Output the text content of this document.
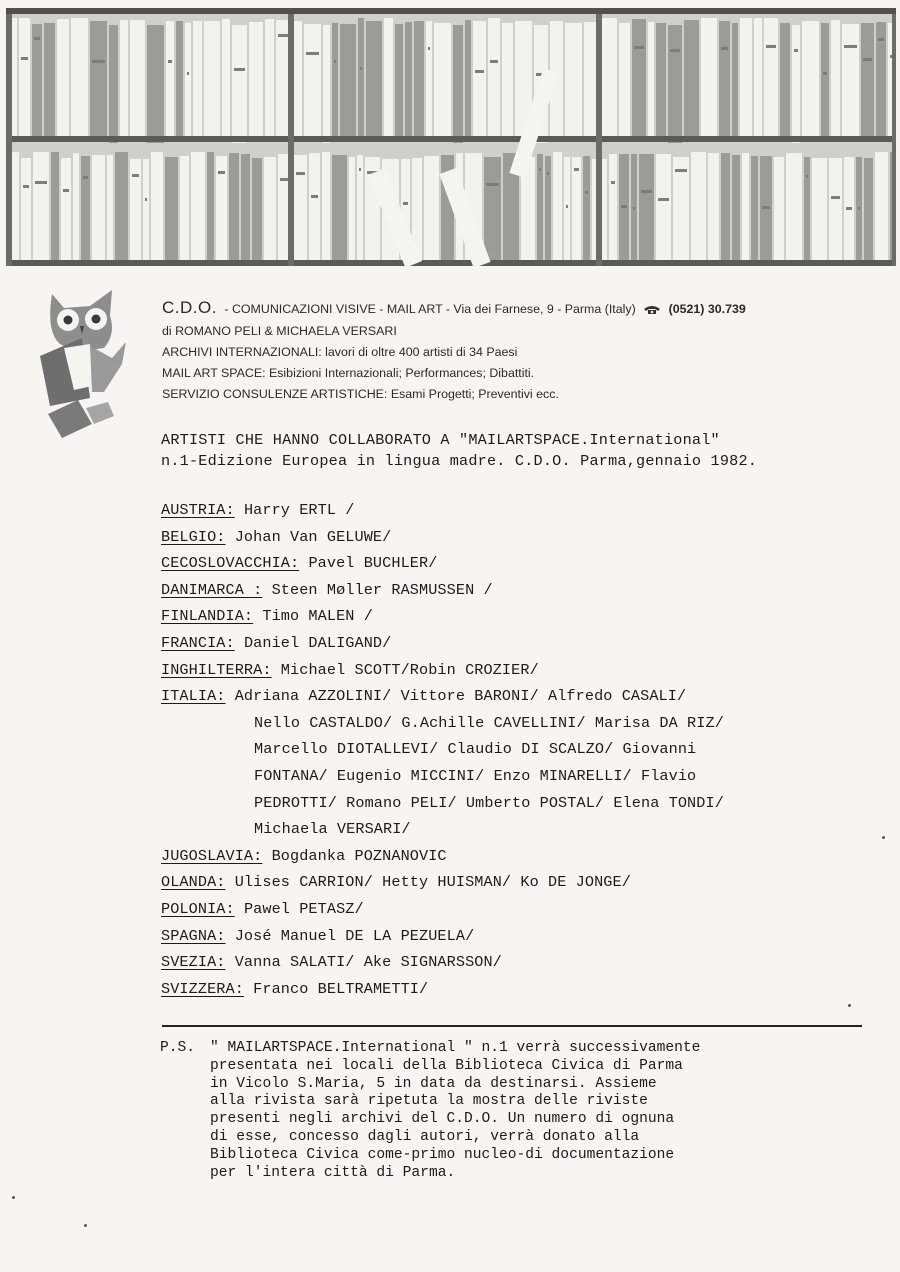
C.D.O. - COMUNICAZIONI VISIVE - MAIL ART - Via dei Farnese, 9 - Parma (Italy)	(0521) 30.739
di ROMANO PELI & MICHAELA VERSARI
ARCHIVI INTERNAZIONALI: lavori di oltre 400 artisti di 34 Paesi
MAIL ART SPACE: Esibizioni Internazionali; Performances; Dibattiti.
SERVIZIO CONSULENZE ARTISTICHE: Esami Progetti; Preventivi ecc.
ARTISTI CHE HANNO COLLABORATO A "MAILARTSPACE.International"
n.1-Edizione Europea in lingua madre. C.D.O. Parma,gennaio 1982.
AUSTRIA: Harry ERTL /
BELGIO: Johan Van GELUWE/
CECOSLOVACCHIA: Pavel BUCHLER/
DANIMARCA : Steen Møller RASMUSSEN /
FINLANDIA: Timo MALEN /
FRANCIA: Daniel DALIGAND/
INGHILTERRA: Michael SCOTT/Robin CROZIER/
ITALIA: Adriana AZZOLINI/ Vittore BARONI/ Alfredo CASALI/
Nello CASTALDO/ G.Achille CAVELLINI/ Marisa DA RIZ/
Marcello DIOTALLEVI/ Claudio DI SCALZO/ Giovanni
FONTANA/ Eugenio MICCINI/ Enzo MINARELLI/ Flavio
PEDROTTI/ Romano PELI/ Umberto POSTAL/ Elena TONDI/
Michaela VERSARI/
JUGOSLAVIA: Bogdanka POZNANOVIC
OLANDA: Ulises CARRION/ Hetty HUISMAN/ Ko DE JONGE/
POLONIA: Pawel PETASZ/
SPAGNA: José Manuel DE LA PEZUELA/
SVEZIA: Vanna SALATI/ Ake SIGNARSSON/
SVIZZERA: Franco BELTRAMETTI/
P.S. " MAILARTSPACE.International " n.1 verrà successivamente
presentata nei locali della Biblioteca Civica di Parma
in Vicolo S.Maria, 5 in data da destinarsi. Assieme
alla rivista sarà ripetuta la mostra delle riviste
presenti negli archivi del C.D.O. Un numero di ognuna
di esse, concesso dagli autori, verrà donato alla
Biblioteca Civica come-primo nucleo-di documentazione
per l'intera città di Parma.
